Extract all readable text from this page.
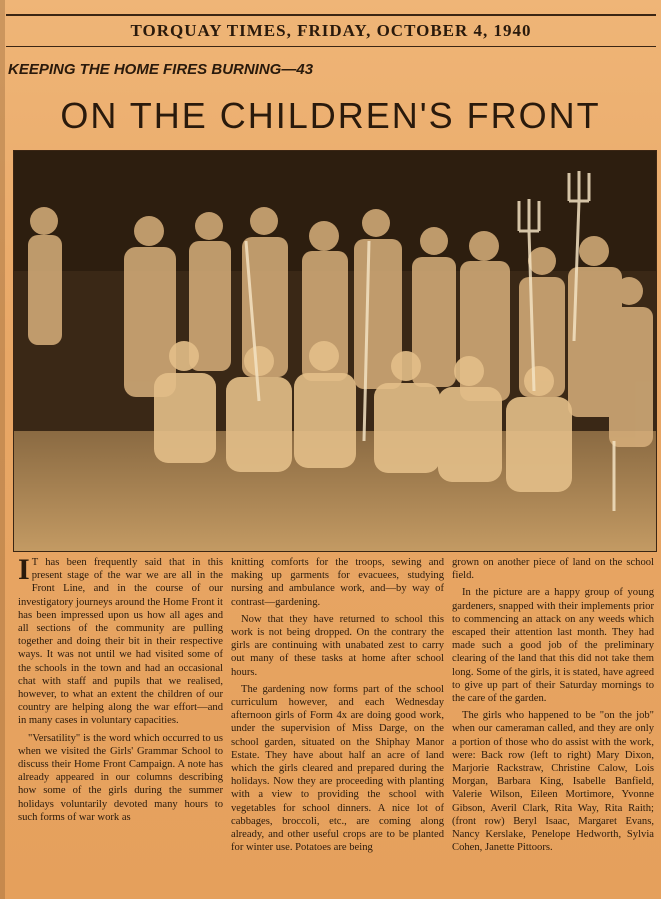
TORQUAY TIMES, FRIDAY, OCTOBER 4, 1940
KEEPING THE HOME FIRES BURNING—43
ON THE CHILDREN'S FRONT

I T has been frequently said that in this present stage of the war we are all in the Front Line, and in the course of our investigatory journeys around the Home Front it has been impressed upon us how all ages and all sections of the community are pulling together and doing their bit in their respective ways. It was not until we had visited some of the schools in the town and had an occasional chat with staff and pupils that we realised, however, to what an extent the children of our country are helping along the war effort—and in many cases in voluntary capacities.

"Versatility" is the word which occurred to us when we visited the Girls' Grammar School to discuss their Home Front Campaign. A note has already appeared in our columns describing how some of the girls during the summer holidays voluntarily devoted many hours to such forms of war work as

knitting comforts for the troops, sewing and making up garments for evacuees, studying nursing and ambulance work, and—by way of contrast—gardening.

Now that they have returned to school this work is not being dropped. On the contrary the girls are continuing with unabated zest to carry out many of these tasks at home after school hours.

The gardening now forms part of the school curriculum however, and each Wednesday afternoon girls of Form 4x are doing good work, under the supervision of Miss Darge, on the school garden, situated on the Shiphay Manor Estate. They have about half an acre of land which the girls cleared and prepared during the holidays. Now they are proceeding with planting with a view to providing the school with vegetables for school dinners. A nice lot of cabbages, broccoli, etc., are coming along already, and other useful crops are to be planted for winter use. Potatoes are being

grown on another piece of land on the school field.

In the picture are a happy group of young gardeners, snapped with their implements prior to commencing an attack on any weeds which escaped their attention last month. They had made such a good job of the preliminary clearing of the land that this did not take them long. Some of the girls, it is stated, have agreed to give up part of their Saturday mornings to the care of the garden.

The girls who happened to be "on the job" when our cameraman called, and they are only a portion of those who do assist with the work, were: Back row (left to right) Mary Dixon, Marjorie Rackstraw, Christine Calow, Lois Morgan, Barbara King, Isabelle Banfield, Valerie Wilson, Eileen Mortimore, Yvonne Gibson, Averil Clark, Rita Way, Rita Raith; (front row) Beryl Isaac, Margaret Evans, Nancy Kerslake, Penelope Hedworth, Sylvia Cohen, Janette Pittoors.
